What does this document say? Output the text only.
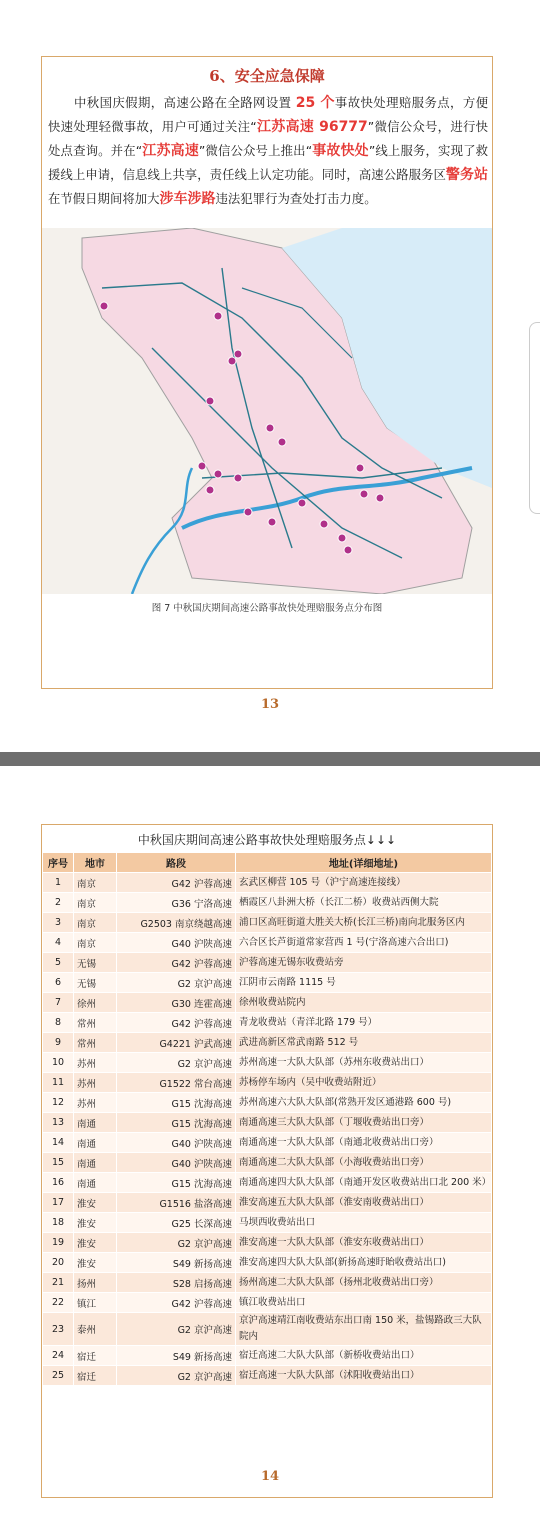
6、安全应急保障
中秋国庆假期，高速公路在全路网设置 25 个事故快处理赔服务点，方便快速处理轻微事故，用户可通过关注“江苏高速 96777”微信公众号，进行快处点查询。并在“江苏高速”微信公众号上推出“事故快处”线上服务，实现了救援线上申请，信息线上共享，责任线上认定功能。同时，高速公路服务区警务站在节假日期间将加大涉车涉路违法犯罪行为查处打击力度。
图 7 中秋国庆期间高速公路事故快处理赔服务点分布图
13
中秋国庆期间高速公路事故快处理赔服务点↓↓↓
序号	地市	路段	地址(详细地址)
1	南京	G42 沪蓉高速	玄武区柳营 105 号（沪宁高速连接线）
2	南京	G36 宁洛高速	栖霞区八卦洲大桥（长江二桥）收费站西侧大院
3	南京	G2503 南京绕越高速	浦口区高旺街道大胜关大桥(长江三桥)南向北服务区内
4	南京	G40 沪陕高速	六合区长芦街道常家营西 1 号(宁洛高速六合出口)
5	无锡	G42 沪蓉高速	沪蓉高速无锡东收费站旁
6	无锡	G2 京沪高速	江阴市云南路 1115 号
7	徐州	G30 连霍高速	徐州收费站院内
8	常州	G42 沪蓉高速	青龙收费站（青洋北路 179 号）
9	常州	G4221 沪武高速	武进高新区常武南路 512 号
10	苏州	G2 京沪高速	苏州高速一大队大队部（苏州东收费站出口）
11	苏州	G1522 常台高速	苏杨停车场内（吴中收费站附近）
12	苏州	G15 沈海高速	苏州高速六大队大队部(常熟开发区通港路 600 号)
13	南通	G15 沈海高速	南通高速三大队大队部（丁堰收费站出口旁）
14	南通	G40 沪陕高速	南通高速一大队大队部（南通北收费站出口旁）
15	南通	G40 沪陕高速	南通高速二大队大队部（小海收费站出口旁）
16	南通	G15 沈海高速	南通高速四大队大队部（南通开发区收费站出口北 200 米）
17	淮安	G1516 盐洛高速	淮安高速五大队大队部（淮安南收费站出口）
18	淮安	G25 长深高速	马坝西收费站出口
19	淮安	G2 京沪高速	淮安高速一大队大队部（淮安东收费站出口）
20	淮安	S49 新扬高速	淮安高速四大队大队部(新扬高速盱眙收费站出口)
21	扬州	S28 启扬高速	扬州高速二大队大队部（扬州北收费站出口旁）
22	镇江	G42 沪蓉高速	镇江收费站出口
23	泰州	G2 京沪高速	京沪高速靖江南收费站东出口南 150 米，盐锡路政三大队院内
24	宿迁	S49 新扬高速	宿迁高速二大队大队部（新桥收费站出口）
25	宿迁	G2 京沪高速	宿迁高速一大队大队部（沭阳收费站出口）
14
